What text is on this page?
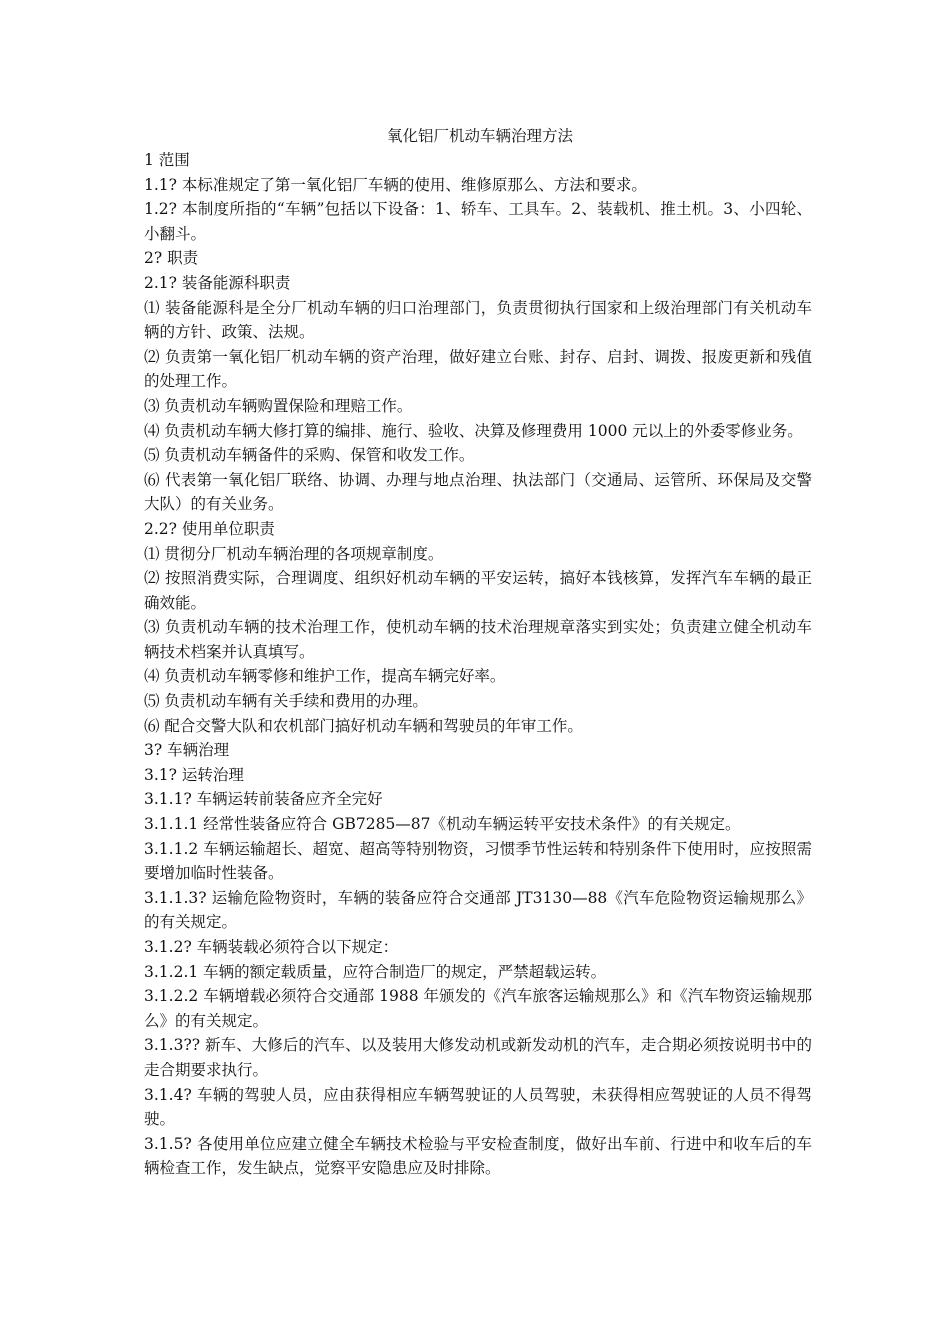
氧化铝厂机动车辆治理方法

1 范围

1.1? 本标准规定了第一氧化铝厂车辆的使用、维修原那么、方法和要求。

1.2? 本制度所指的“车辆”包括以下设备：1、轿车、工具车。2、装载机、推土机。3、小四轮、小翻斗。

2? 职责

2.1? 装备能源科职责

⑴ 装备能源科是全分厂机动车辆的归口治理部门，负责贯彻执行国家和上级治理部门有关机动车辆的方针、政策、法规。

⑵ 负责第一氧化铝厂机动车辆的资产治理，做好建立台账、封存、启封、调拨、报废更新和残值的处理工作。

⑶ 负责机动车辆购置保险和理赔工作。

⑷ 负责机动车辆大修打算的编排、施行、验收、决算及修理费用 1000 元以上的外委零修业务。

⑸ 负责机动车辆备件的采购、保管和收发工作。

⑹ 代表第一氧化铝厂联络、协调、办理与地点治理、执法部门（交通局、运管所、环保局及交警大队）的有关业务。

2.2? 使用单位职责

⑴ 贯彻分厂机动车辆治理的各项规章制度。

⑵ 按照消费实际，合理调度、组织好机动车辆的平安运转，搞好本钱核算，发挥汽车车辆的最正确效能。

⑶ 负责机动车辆的技术治理工作，使机动车辆的技术治理规章落实到实处；负责建立健全机动车辆技术档案并认真填写。

⑷ 负责机动车辆零修和维护工作，提高车辆完好率。

⑸ 负责机动车辆有关手续和费用的办理。

⑹ 配合交警大队和农机部门搞好机动车辆和驾驶员的年审工作。

3? 车辆治理

3.1? 运转治理

3.1.1? 车辆运转前装备应齐全完好

3.1.1.1 经常性装备应符合 GB7285—87《机动车辆运转平安技术条件》的有关规定。

3.1.1.2 车辆运输超长、超宽、超高等特别物资，习惯季节性运转和特别条件下使用时，应按照需要增加临时性装备。

3.1.1.3? 运输危险物资时，车辆的装备应符合交通部 JT3130—88《汽车危险物资运输规那么》的有关规定。

3.1.2? 车辆装载必须符合以下规定：

3.1.2.1 车辆的额定载质量，应符合制造厂的规定，严禁超载运转。

3.1.2.2 车辆增载必须符合交通部 1988 年颁发的《汽车旅客运输规那么》和《汽车物资运输规那么》的有关规定。

3.1.3?? 新车、大修后的汽车、以及装用大修发动机或新发动机的汽车，走合期必须按说明书中的走合期要求执行。

3.1.4? 车辆的驾驶人员，应由获得相应车辆驾驶证的人员驾驶，未获得相应驾驶证的人员不得驾驶。

3.1.5? 各使用单位应建立健全车辆技术检验与平安检查制度，做好出车前、行进中和收车后的车辆检查工作，发生缺点，觉察平安隐患应及时排除。
